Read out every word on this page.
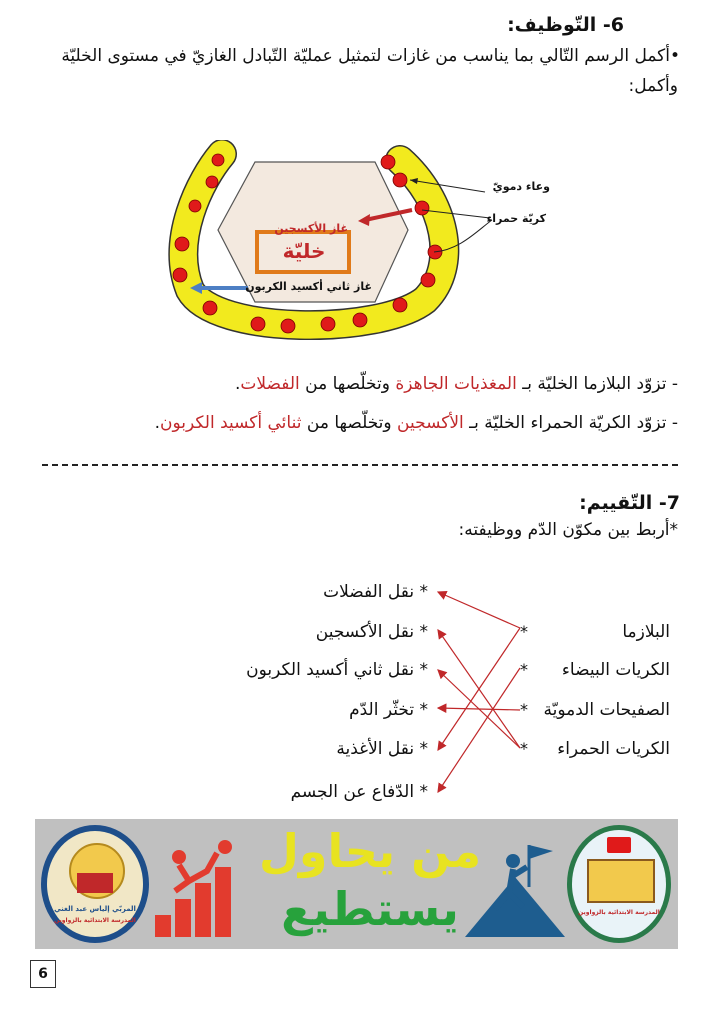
6- التّوظيف:
•أكمل الرسم التّالي بما يناسب من غازات لتمثيل عمليّة التّبادل الغازيّ في مستوى الخليّة
وأكمل:
غاز الأكسجين
خليّة
غاز ثاني أكسيد الكربون
وعاء دمويّ
كريّة حمراء
- تزوّد البلازما الخليّة بـ المغذيات الجاهزة وتخلّصها من الفضلات.
- تزوّد الكريّة الحمراء الخليّة بـ الأكسجين وتخلّصها من ثنائي أكسيد الكربون.
7- التّقييم:
*أربط بين مكوّن الدّم ووظيفته:
البلازما
الكريات البيضاء
الصفيحات الدمويّة
الكريات الحمراء
*
*
*
*
* نقل الفضلات
* نقل الأكسجين
* نقل ثاني أكسيد الكربون
* تخثّر الدّم
* نقل الأغذية
* الدّفاع عن الجسم
المربّي إلياس عبد الغني
المدرسة الابتدائية بالزواوين
من يحاول
يستطيع	المدرسة الابتدائية بالزواوين
6
